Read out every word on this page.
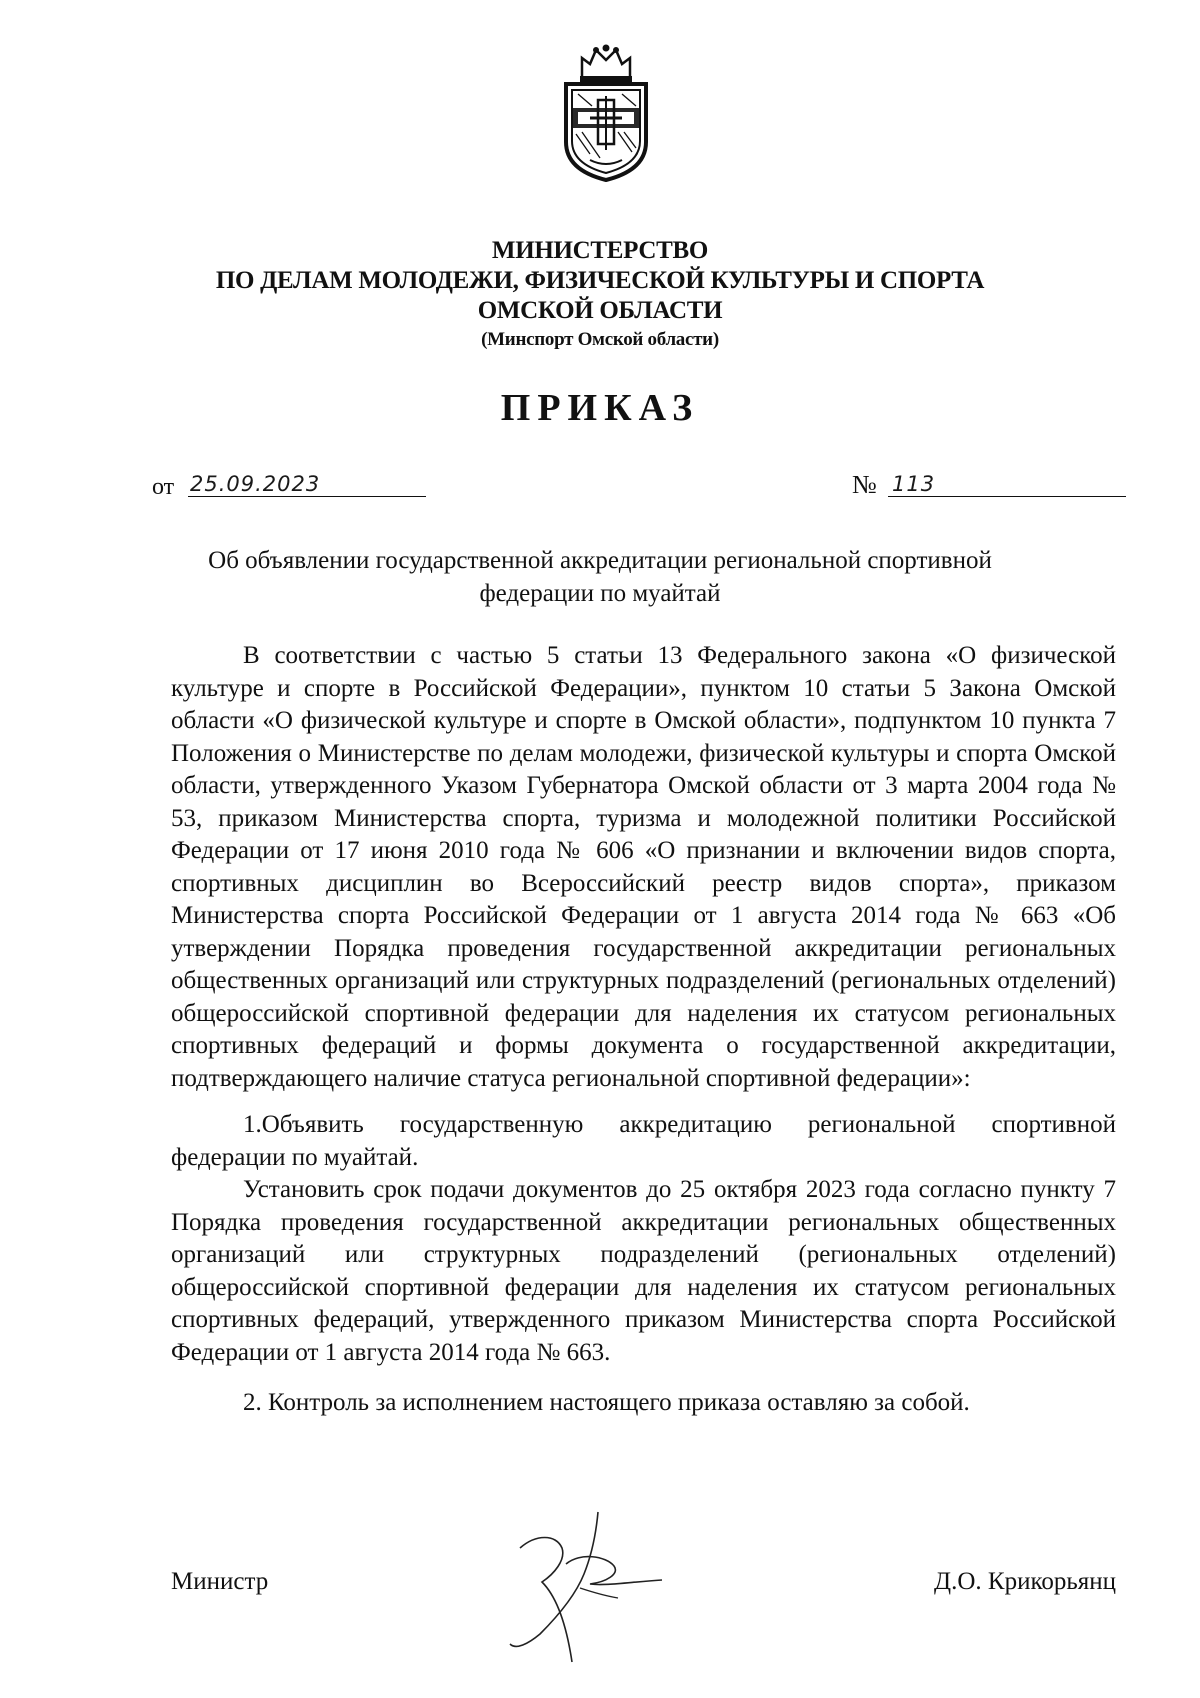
МИНИСТЕРСТВО
ПО ДЕЛАМ МОЛОДЕЖИ, ФИЗИЧЕСКОЙ КУЛЬТУРЫ И СПОРТА
ОМСКОЙ ОБЛАСТИ
(Минспорт Омской области)
ПРИКАЗ
от 25.09.2023	№ 113
Об объявлении государственной аккредитации региональной спортивной федерации по муайтай

В соответствии с частью 5 статьи 13 Федерального закона «О физической культуре и спорте в Российской Федерации», пунктом 10 статьи 5 Закона Омской области «О физической культуре и спорте в Омской области», подпунктом 10 пункта 7 Положения о Министерстве по делам молодежи, физической культуры и спорта Омской области, утвержденного Указом Губернатора Омской области от 3 марта 2004 года № 53, приказом Министерства спорта, туризма и молодежной политики Российской Федерации от 17 июня 2010 года № 606 «О признании и включении видов спорта, спортивных дисциплин во Всероссийский реестр видов спорта», приказом Министерства спорта Российской Федерации от 1 августа 2014 года № 663 «Об утверждении Порядка проведения государственной аккредитации региональных общественных организаций или структурных подразделений (региональных отделений) общероссийской спортивной федерации для наделения их статусом региональных спортивных федераций и формы документа о государственной аккредитации, подтверждающего наличие статуса региональной спортивной федерации»:

1.Объявить государственную аккредитацию региональной спортивной федерации по муайтай.

Установить срок подачи документов до 25 октября 2023 года согласно пункту 7 Порядка проведения государственной аккредитации региональных общественных организаций или структурных подразделений (региональных отделений) общероссийской спортивной федерации для наделения их статусом региональных спортивных федераций, утвержденного приказом Министерства спорта Российской Федерации от 1 августа 2014 года № 663.

2. Контроль за исполнением настоящего приказа оставляю за собой.

Министр	Д.О. Крикорьянц
